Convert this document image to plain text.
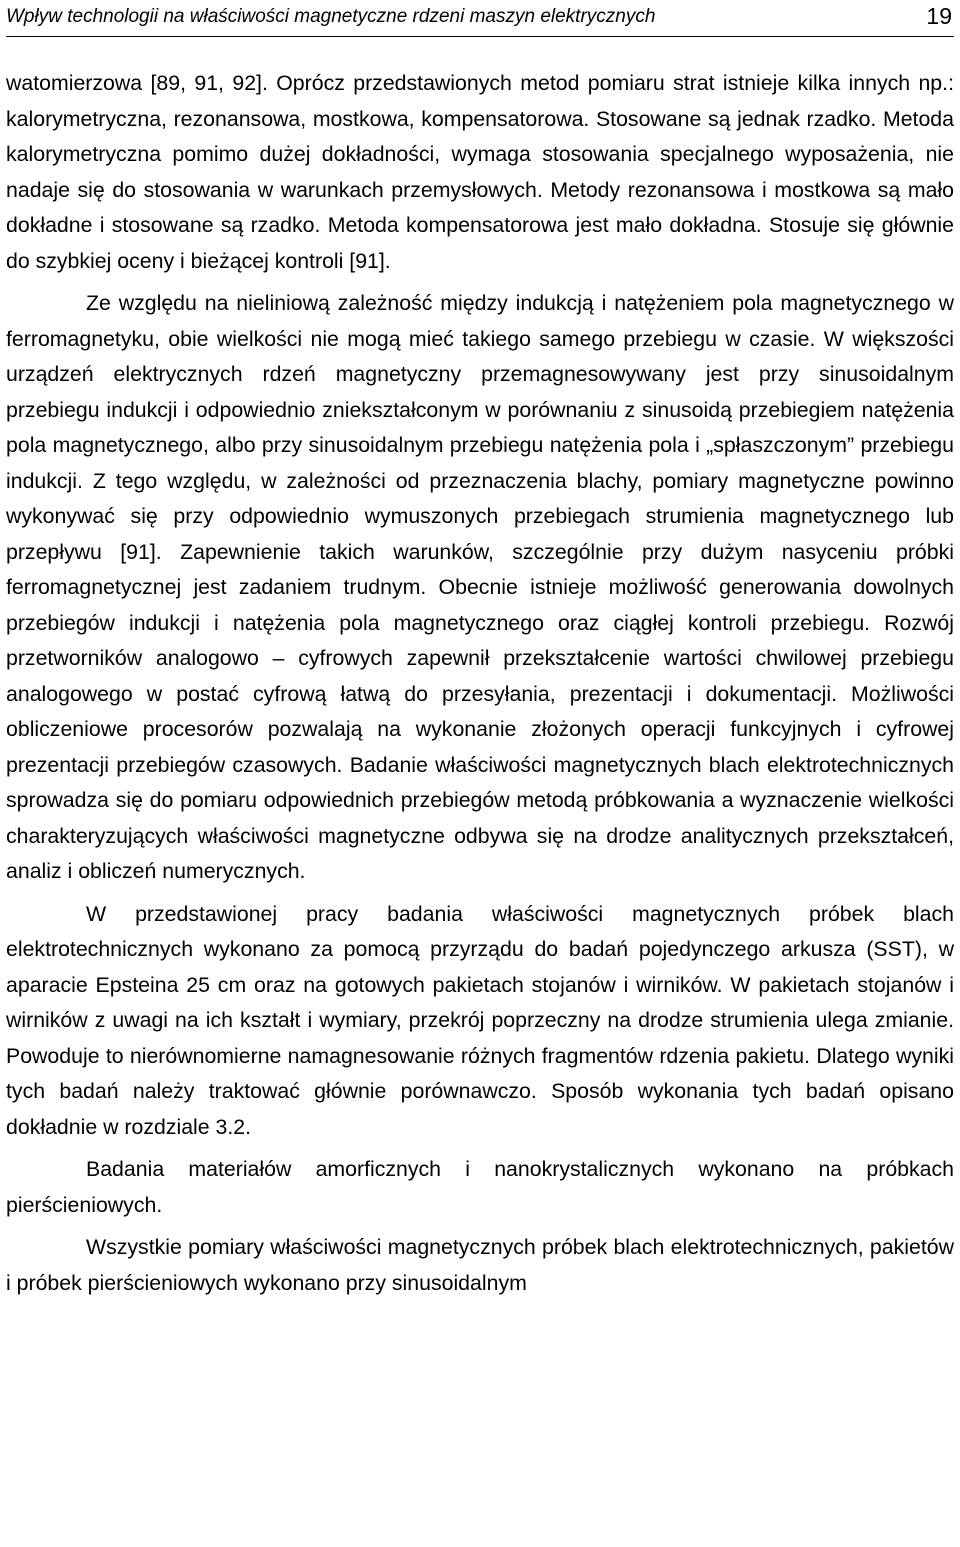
Wpływ technologii na właściwości magnetyczne rdzeni maszyn elektrycznych	19

watomierzowa [89, 91, 92]. Oprócz przedstawionych metod pomiaru strat istnieje kilka innych np.: kalorymetryczna, rezonansowa, mostkowa, kompensatorowa. Stosowane są jednak rzadko. Metoda kalorymetryczna pomimo dużej dokładności, wymaga stosowania specjalnego wyposażenia, nie nadaje się do stosowania w warunkach przemysłowych. Metody rezonansowa i mostkowa są mało dokładne i stosowane są rzadko. Metoda kompensatorowa jest mało dokładna. Stosuje się głównie do szybkiej oceny i bieżącej kontroli [91].

Ze względu na nieliniową zależność między indukcją i natężeniem pola magnetycznego w ferromagnetyku, obie wielkości nie mogą mieć takiego samego przebiegu w czasie. W większości urządzeń elektrycznych rdzeń magnetyczny przemagnesowywany jest przy sinusoidalnym przebiegu indukcji i odpowiednio zniekształconym w porównaniu z sinusoidą przebiegiem natężenia pola magnetycznego, albo przy sinusoidalnym przebiegu natężenia pola i „spłaszczonym” przebiegu indukcji. Z tego względu, w zależności od przeznaczenia blachy, pomiary magnetyczne powinno wykonywać się przy odpowiednio wymuszonych przebiegach strumienia magnetycznego lub przepływu [91]. Zapewnienie takich warunków, szczególnie przy dużym nasyceniu próbki ferromagnetycznej jest zadaniem trudnym. Obecnie istnieje możliwość generowania dowolnych przebiegów indukcji i natężenia pola magnetycznego oraz ciągłej kontroli przebiegu. Rozwój przetworników analogowo – cyfrowych zapewnił przekształcenie wartości chwilowej przebiegu analogowego w postać cyfrową łatwą do przesyłania, prezentacji i dokumentacji. Możliwości obliczeniowe procesorów pozwalają na wykonanie złożonych operacji funkcyjnych i cyfrowej prezentacji przebiegów czasowych. Badanie właściwości magnetycznych blach elektrotechnicznych sprowadza się do pomiaru odpowiednich przebiegów metodą próbkowania a wyznaczenie wielkości charakteryzujących właściwości magnetyczne odbywa się na drodze analitycznych przekształceń, analiz i obliczeń numerycznych.

W przedstawionej pracy badania właściwości magnetycznych próbek blach elektrotechnicznych wykonano za pomocą przyrządu do badań pojedynczego arkusza (SST), w aparacie Epsteina 25 cm oraz na gotowych pakietach stojanów i wirników. W pakietach stojanów i wirników z uwagi na ich kształt i wymiary, przekrój poprzeczny na drodze strumienia ulega zmianie. Powoduje to nierównomierne namagnesowanie różnych fragmentów rdzenia pakietu. Dlatego wyniki tych badań należy traktować głównie porównawczo. Sposób wykonania tych badań opisano dokładnie w rozdziale 3.2.

Badania materiałów amorficznych i nanokrystalicznych wykonano na próbkach pierścieniowych.

Wszystkie pomiary właściwości magnetycznych próbek blach elektrotechnicznych, pakietów i próbek pierścieniowych wykonano przy sinusoidalnym
